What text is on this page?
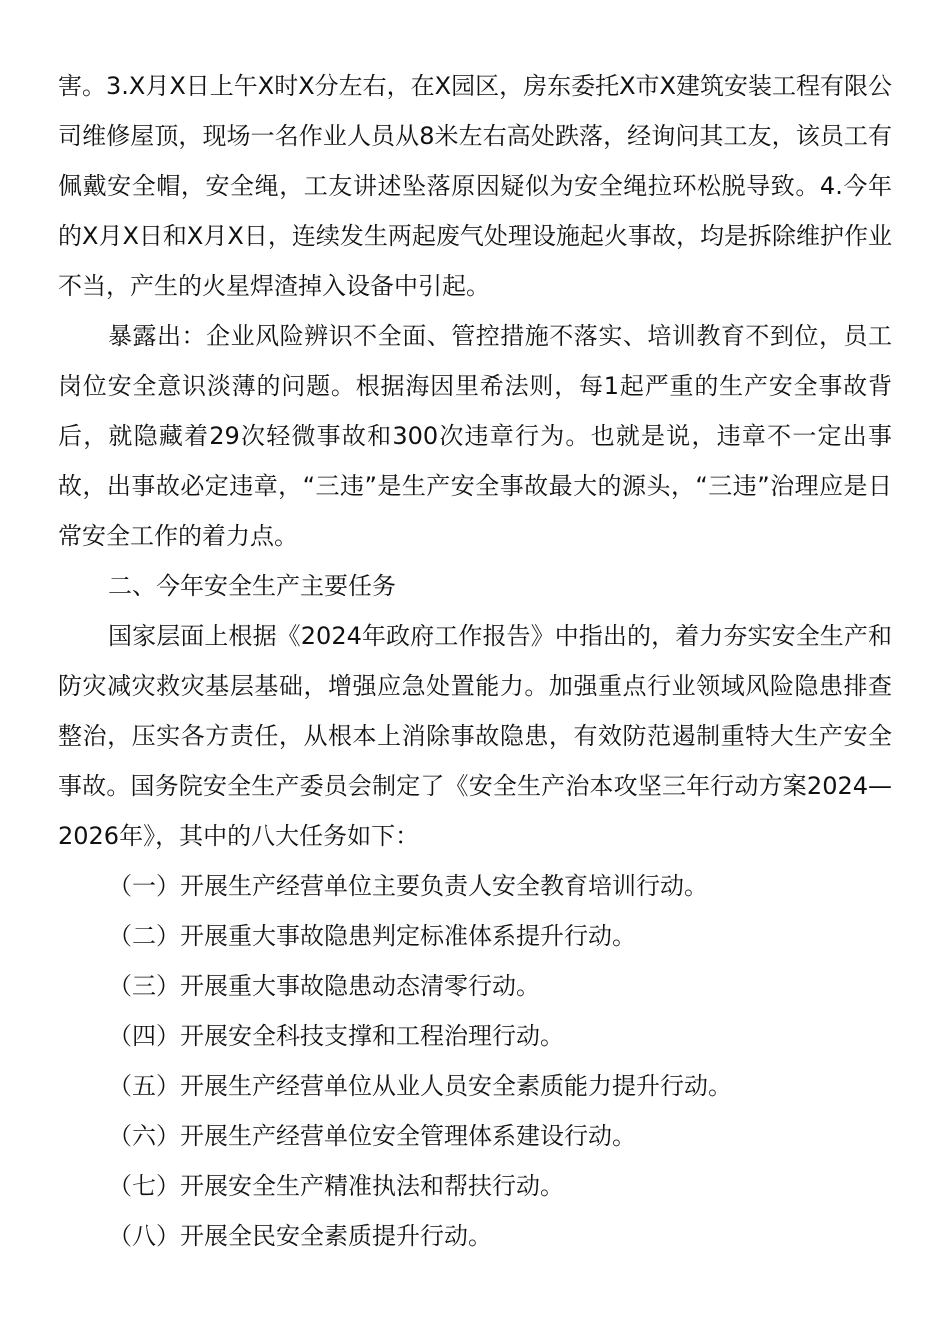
害。3.X月X日上午X时X分左右，在X园区，房东委托X市X建筑安装工程有限公司维修屋顶，现场一名作业人员从8米左右高处跌落，经询问其工友，该员工有佩戴安全帽，安全绳，工友讲述坠落原因疑似为安全绳拉环松脱导致。4.今年的X月X日和X月X日，连续发生两起废气处理设施起火事故，均是拆除维护作业不当，产生的火星焊渣掉入设备中引起。

暴露出：企业风险辨识不全面、管控措施不落实、培训教育不到位，员工岗位安全意识淡薄的问题。根据海因里希法则，每1起严重的生产安全事故背后，就隐藏着29次轻微事故和300次违章行为。也就是说，违章不一定出事故，出事故必定违章，“三违”是生产安全事故最大的源头，“三违”治理应是日常安全工作的着力点。

二、今年安全生产主要任务

国家层面上根据《2024年政府工作报告》中指出的，着力夯实安全生产和防灾减灾救灾基层基础，增强应急处置能力。加强重点行业领域风险隐患排查整治，压实各方责任，从根本上消除事故隐患，有效防范遏制重特大生产安全事故。国务院安全生产委员会制定了《安全生产治本攻坚三年行动方案2024—2026年》，其中的八大任务如下：

（一）开展生产经营单位主要负责人安全教育培训行动。

（二）开展重大事故隐患判定标准体系提升行动。

（三）开展重大事故隐患动态清零行动。

（四）开展安全科技支撑和工程治理行动。

（五）开展生产经营单位从业人员安全素质能力提升行动。

（六）开展生产经营单位安全管理体系建设行动。

（七）开展安全生产精准执法和帮扶行动。

（八）开展全民安全素质提升行动。
